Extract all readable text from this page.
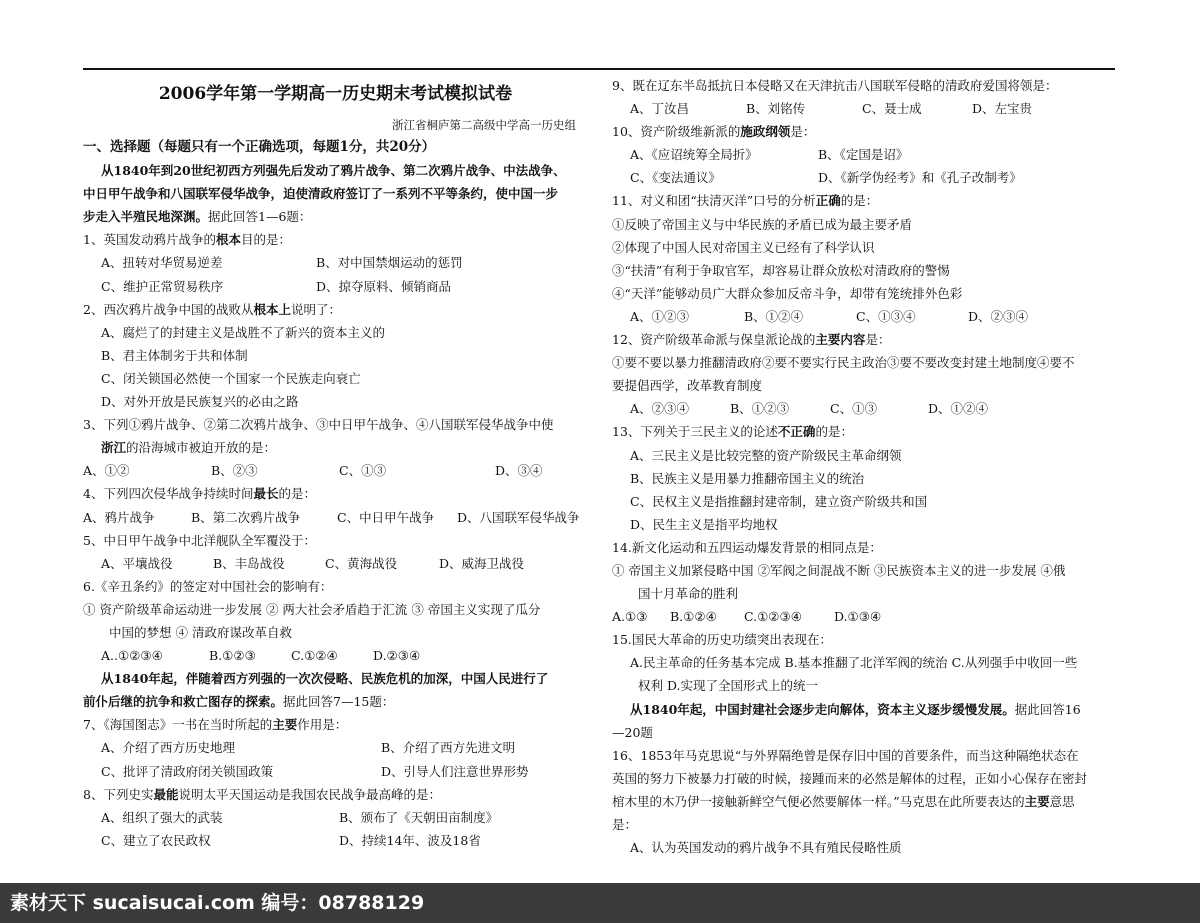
2006学年第一学期高一历史期末考试模拟试卷
浙江省桐庐第二高级中学高一历史组
一、选择题（每题只有一个正确选项，每题1分，共20分）
从1840年到20世纪初西方列强先后发动了鸦片战争、第二次鸦片战争、中法战争、
中日甲午战争和八国联军侵华战争，迫使清政府签订了一系列不平等条约，使中国一步
步走入半殖民地深渊。据此回答1—6题：
1、英国发动鸦片战争的根本目的是：
A、扭转对华贸易逆差	B、对中国禁烟运动的惩罚
C、维护正常贸易秩序	D、掠夺原料、倾销商品
2、西次鸦片战争中国的战败从根本上说明了：
A、腐烂了的封建主义是战胜不了新兴的资本主义的
B、君主体制劣于共和体制
C、闭关锁国必然使一个国家一个民族走向衰亡
D、对外开放是民族复兴的必由之路
3、下列①鸦片战争、②第二次鸦片战争、③中日甲午战争、④八国联军侵华战争中使
浙江的沿海城市被迫开放的是：
A、①②	B、②③	C、①③	D、③④
4、下列四次侵华战争持续时间最长的是：
A、鸦片战争	B、第二次鸦片战争	C、中日甲午战争	D、八国联军侵华战争
5、中日甲午战争中北洋舰队全军覆没于：
A、平壤战役	B、丰岛战役	C、黄海战役	D、威海卫战役
6.《辛丑条约》的签定对中国社会的影响有：
① 资产阶级革命运动进一步发展 ② 两大社会矛盾趋于汇流 ③ 帝国主义实现了瓜分
中国的梦想 ④ 清政府谋改革自救
A..①②③④	B.①②③	C.①②④	D.②③④
从1840年起，伴随着西方列强的一次次侵略、民族危机的加深，中国人民进行了
前仆后继的抗争和救亡图存的探索。据此回答7—15题：
7、《海国图志》一书在当时所起的主要作用是：
A、介绍了西方历史地理	B、介绍了西方先进文明
C、批评了清政府闭关锁国政策	D、引导人们注意世界形势
8、下列史实最能说明太平天国运动是我国农民战争最高峰的是：
A、组织了强大的武装	B、颁布了《天朝田亩制度》
C、建立了农民政权	D、持续14年、波及18省
9、既在辽东半岛抵抗日本侵略又在天津抗击八国联军侵略的清政府爱国将领是：
A、丁汝昌	B、刘铭传	C、聂士成	D、左宝贵
10、资产阶级维新派的施政纲领是：
A、《应诏统筹全局折》	B、《定国是诏》
C、《变法通议》	D、《新学伪经考》和《孔子改制考》
11、对义和团“扶清灭洋”口号的分析正确的是：
①反映了帝国主义与中华民族的矛盾已成为最主要矛盾
②体现了中国人民对帝国主义已经有了科学认识
③“扶清”有利于争取官军，却容易让群众放松对清政府的警惕
④“天洋”能够动员广大群众参加反帝斗争，却带有笼统排外色彩
A、①②③	B、①②④	C、①③④	D、②③④
12、资产阶级革命派与保皇派论战的主要内容是：
①要不要以暴力推翻清政府②要不要实行民主政治③要不要改变封建土地制度④要不
要提倡西学，改革教育制度
A、②③④	B、①②③	C、①③	D、①②④
13、下列关于三民主义的论述不正确的是：
A、三民主义是比较完整的资产阶级民主革命纲领
B、民族主义是用暴力推翻帝国主义的统治
C、民权主义是指推翻封建帝制，建立资产阶级共和国
D、民生主义是指平均地权
14.新文化运动和五四运动爆发背景的相同点是：
① 帝国主义加紧侵略中国 ②军阀之间混战不断 ③民族资本主义的进一步发展 ④俄
国十月革命的胜利
A.①③	B.①②④	C.①②③④	D.①③④
15.国民大革命的历史功绩突出表现在：
A.民主革命的任务基本完成 B.基本推翻了北洋军阀的统治 C.从列强手中收回一些
权利 D.实现了全国形式上的统一
从1840年起，中国封建社会逐步走向解体，资本主义逐步缓慢发展。据此回答16
—20题
16、1853年马克思说“与外界隔绝曾是保存旧中国的首要条件，而当这种隔绝状态在
英国的努力下被暴力打破的时候，接踵而来的必然是解体的过程，正如小心保存在密封
棺木里的木乃伊一接触新鲜空气便必然要解体一样。”马克思在此所要表达的主要意思
是：
A、认为英国发动的鸦片战争不具有殖民侵略性质
素材天下 sucaisucai.com 编号：08788129
